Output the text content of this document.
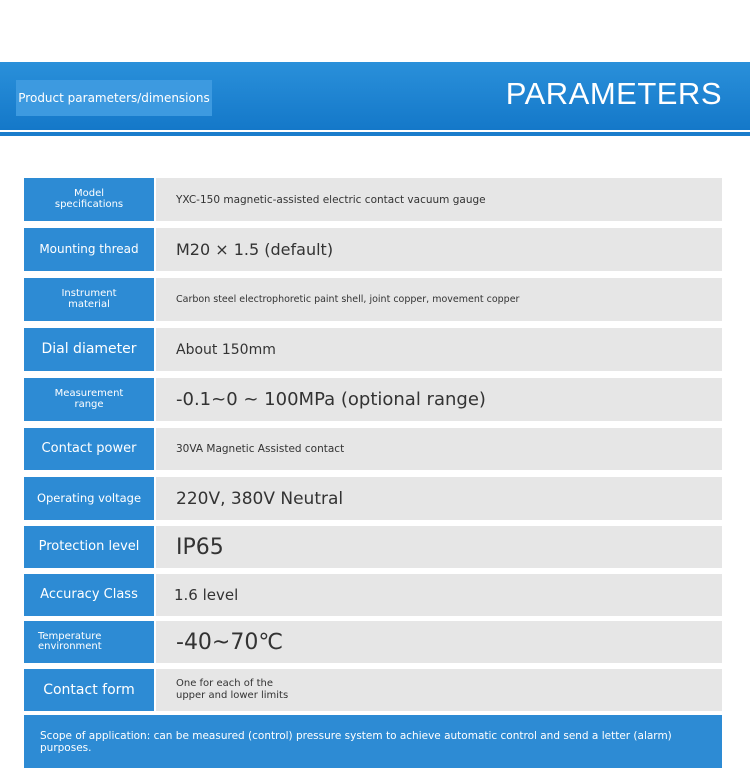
Product parameters/dimensions	PARAMETERS
Model
specifications	YXC-150 magnetic-assisted electric contact vacuum gauge
Mounting thread	M20 × 1.5 (default)
Instrument
material	Carbon steel electrophoretic paint shell, joint copper, movement copper
Dial diameter	About 150mm
Measurement
range	-0.1~0 ~ 100MPa (optional range)
Contact power	30VA Magnetic Assisted contact
Operating voltage	220V, 380V Neutral
Protection level	IP65
Accuracy Class	1.6 level
Temperature
environment	-40~70℃
Contact form	One for each of the
upper and lower limits
Scope of application: can be measured (control) pressure system to achieve automatic control and send a letter (alarm) purposes.
